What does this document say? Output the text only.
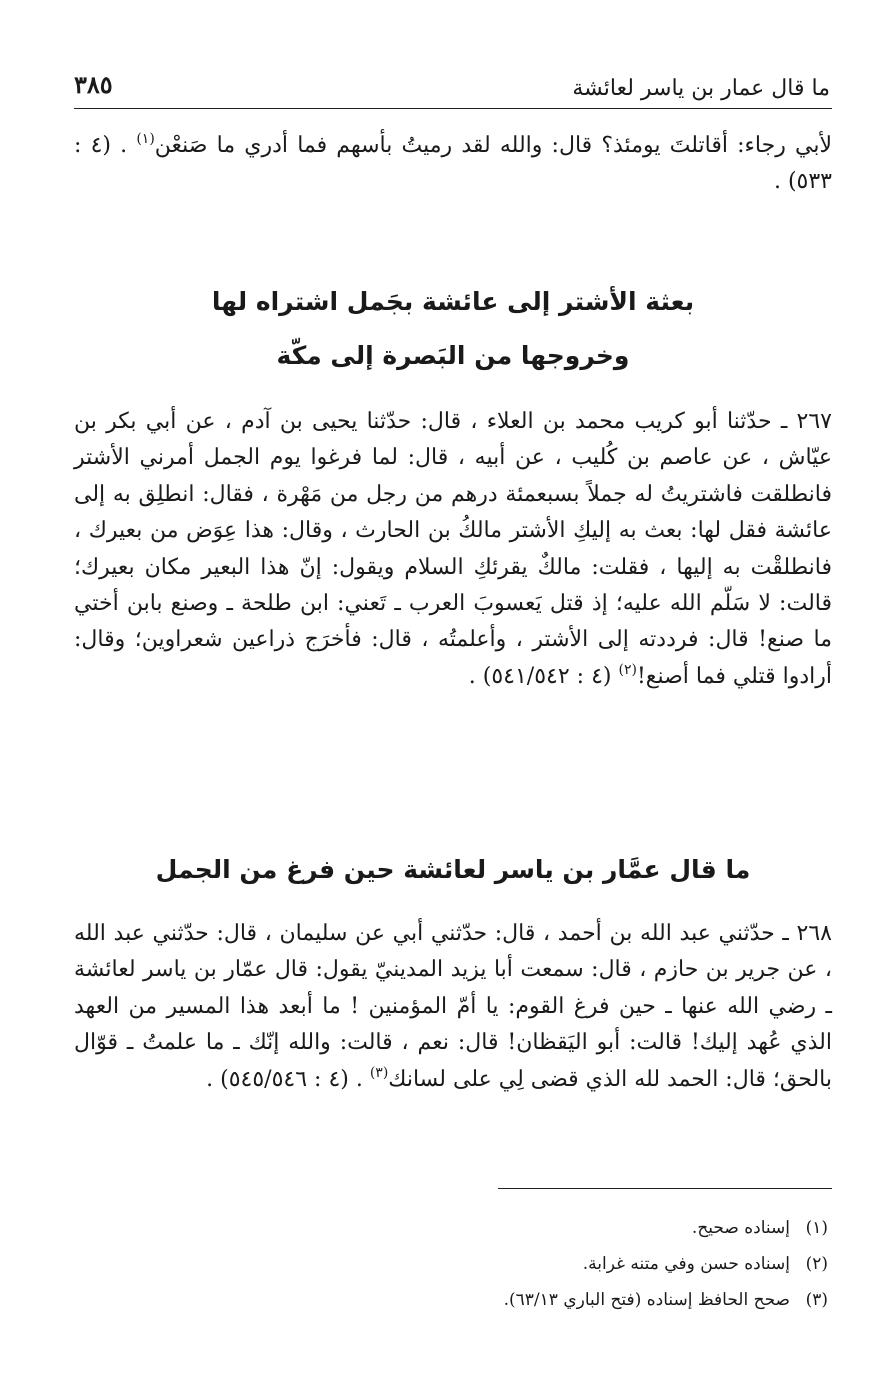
ما قال عمار بن ياسر لعائشة
٣٨٥

لأبي رجاء: أقاتلتَ يومئذ؟ قال: والله لقد رميتُ بأسهم فما أدري ما صَنعْن$^{(١)}$ . (٤ : ٥٣٣) .

بعثة الأشتر إلى عائشة بجَمل اشتراه لها
وخروجها من البَصرة إلى مكّة

٢٦٧ ـ حدّثنا أبو كريب محمد بن العلاء ، قال: حدّثنا يحيى بن آدم ، عن أبي بكر بن عيّاش ، عن عاصم بن كُليب ، عن أبيه ، قال: لما فرغوا يوم الجمل أمرني الأشتر فانطلقت فاشتريتُ له جملاً بسبعمئة درهم من رجل من مَهْرة ، فقال: انطلِق به إلى عائشة فقل لها: بعث به إليكِ الأشتر مالكُ بن الحارث ، وقال: هذا عِوَض من بعيرك ، فانطلقْت به إليها ، فقلت: مالكٌ يقرئكِ السلام ويقول: إنّ هذا البعير مكان بعيرك؛ قالت: لا سَلّم الله عليه؛ إذ قتل يَعسوبَ العرب ـ تَعني: ابن طلحة ـ وصنع بابن أختي ما صنع! قال: فرددته إلى الأشتر ، وأعلمتُه ، قال: فأخرَج ذراعين شعراوين؛ وقال: أرادوا قتلي فما أصنع!$^{(٢)}$ (٤ : ٥٤١/٥٤٢) .

ما قال عمَّار بن ياسر لعائشة حين فرغ من الجمل

٢٦٨ ـ حدّثني عبد الله بن أحمد ، قال: حدّثني أبي عن سليمان ، قال: حدّثني عبد الله ، عن جرير بن حازم ، قال: سمعت أبا يزيد المدينيّ يقول: قال عمّار بن ياسر لعائشة ـ رضي الله عنها ـ حين فرغ القوم: يا أمّ المؤمنين ! ما أبعد هذا المسير من العهد الذي عُهد إليك! قالت: أبو اليَقظان! قال: نعم ، قالت: والله إنّك ـ ما علمتُ ـ قوّال بالحق؛ قال: الحمد لله الذي قضى لِي على لسانك$^{(٣)}$ . (٤ : ٥٤٥/٥٤٦) .

(١)إسناده صحيح.
(٢)إسناده حسن وفي متنه غرابة.
(٣)صحح الحافظ إسناده (فتح الباري ٦٣/١٣).
